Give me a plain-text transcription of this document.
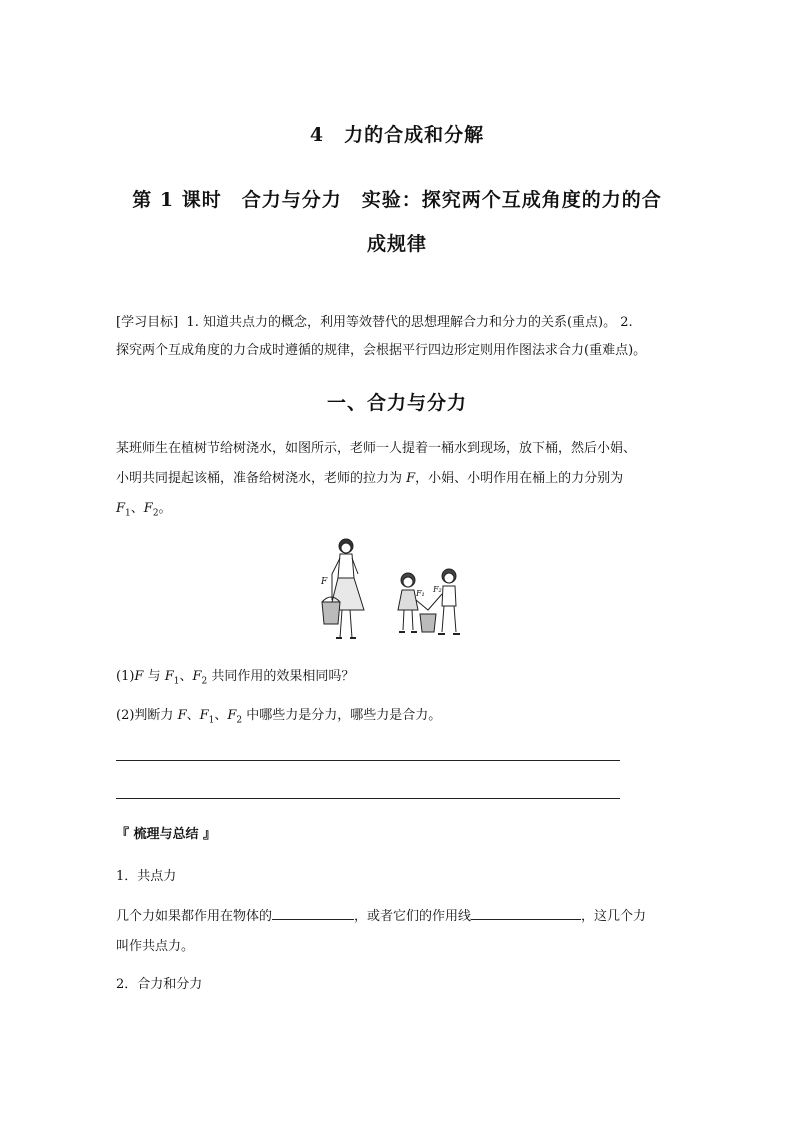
4　力的合成和分解
第 1 课时　合力与分力　实验：探究两个互成角度的力的合
成规律
[学习目标] 1. 知道共点力的概念，利用等效替代的思想理解合力和分力的关系(重点)。 2.
探究两个互成角度的力合成时遵循的规律，会根据平行四边形定则用作图法求合力(重难点)。
一、合力与分力
某班师生在植树节给树浇水，如图所示，老师一人提着一桶水到现场，放下桶，然后小娟、
小明共同提起该桶，准备给树浇水，老师的拉力为 F，小娟、小明作用在桶上的力分别为
$F_1$、$F_2$。
F
F₁ F₂
(1)F 与 $F_1$、$F_2$ 共同作用的效果相同吗？
(2)判断力 F、$F_1$、$F_2$ 中哪些力是分力，哪些力是合力。
『 梳理与总结 』
1．共点力
几个力如果都作用在物体的	，或者它们的作用线	，这几个力
叫作共点力。
2．合力和分力
